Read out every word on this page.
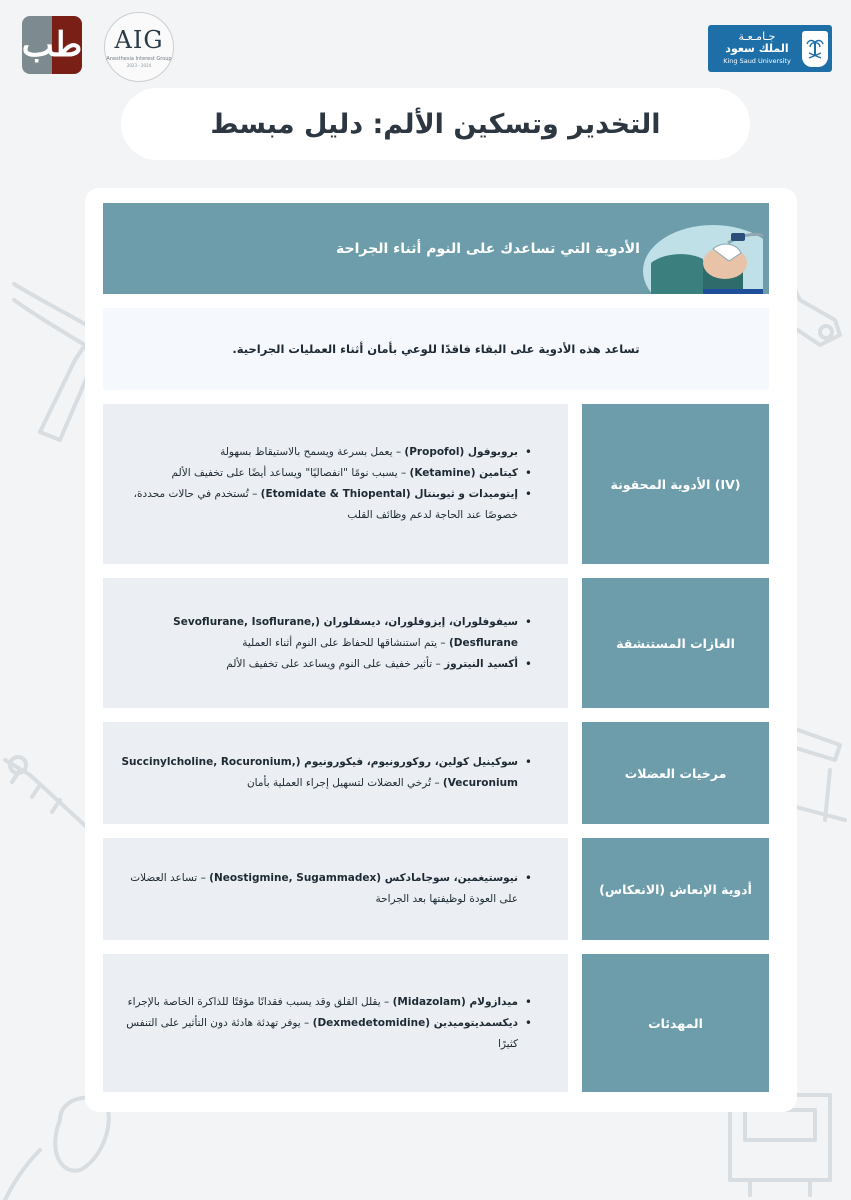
طب AIG
Anesthesia Interest Group
2023 - 2024
جـامـعـة
الملك سعود
King Saud University
التخدير وتسكين الألم: دليل مبسط
الأدوية التي تساعدك على النوم أثناء الجراحة

تساعد هذه الأدوية على البقاء فاقدًا للوعي بأمان أثناء العمليات الجراحية.

(IV) الأدوية المحقونة
• بروبوفول (Propofol) – يعمل بسرعة ويسمح بالاستيقاظ بسهولة
• كيتامين (Ketamine) – يسبب نومًا "انفصاليًا" ويساعد أيضًا على تخفيف الألم
• إيتوميدات و ثيوبنتال (Etomidate & Thiopental) – تُستخدم في حالات محددة، خصوصًا عند الحاجة لدعم وظائف القلب
الغازات المستنشقة
• سيفوفلوران، إيزوفلوران، ديسفلوران (Sevoflurane, Isoflurane, Desflurane) – يتم استنشاقها للحفاظ على النوم أثناء العملية
• أكسيد النيتروز – تأثير خفيف على النوم ويساعد على تخفيف الألم
مرخيات العضلات
• سوكينيل كولين، روكورونيوم، فيكورونيوم (Succinylcholine, Rocuronium, Vecuronium) – تُرخي العضلات لتسهيل إجراء العملية بأمان
أدوية الإنعاش (الانعكاس)
• نيوستيغمين، سوجامادكس (Neostigmine, Sugammadex) – تساعد العضلات على العودة لوظيفتها بعد الجراحة
المهدئات
• ميدازولام (Midazolam) – يقلل القلق وقد يسبب فقدانًا مؤقتًا للذاكرة الخاصة بالإجراء
• ديكسمديتوميدين (Dexmedetomidine) – يوفر تهدئة هادئة دون التأثير على التنفس كثيرًا
